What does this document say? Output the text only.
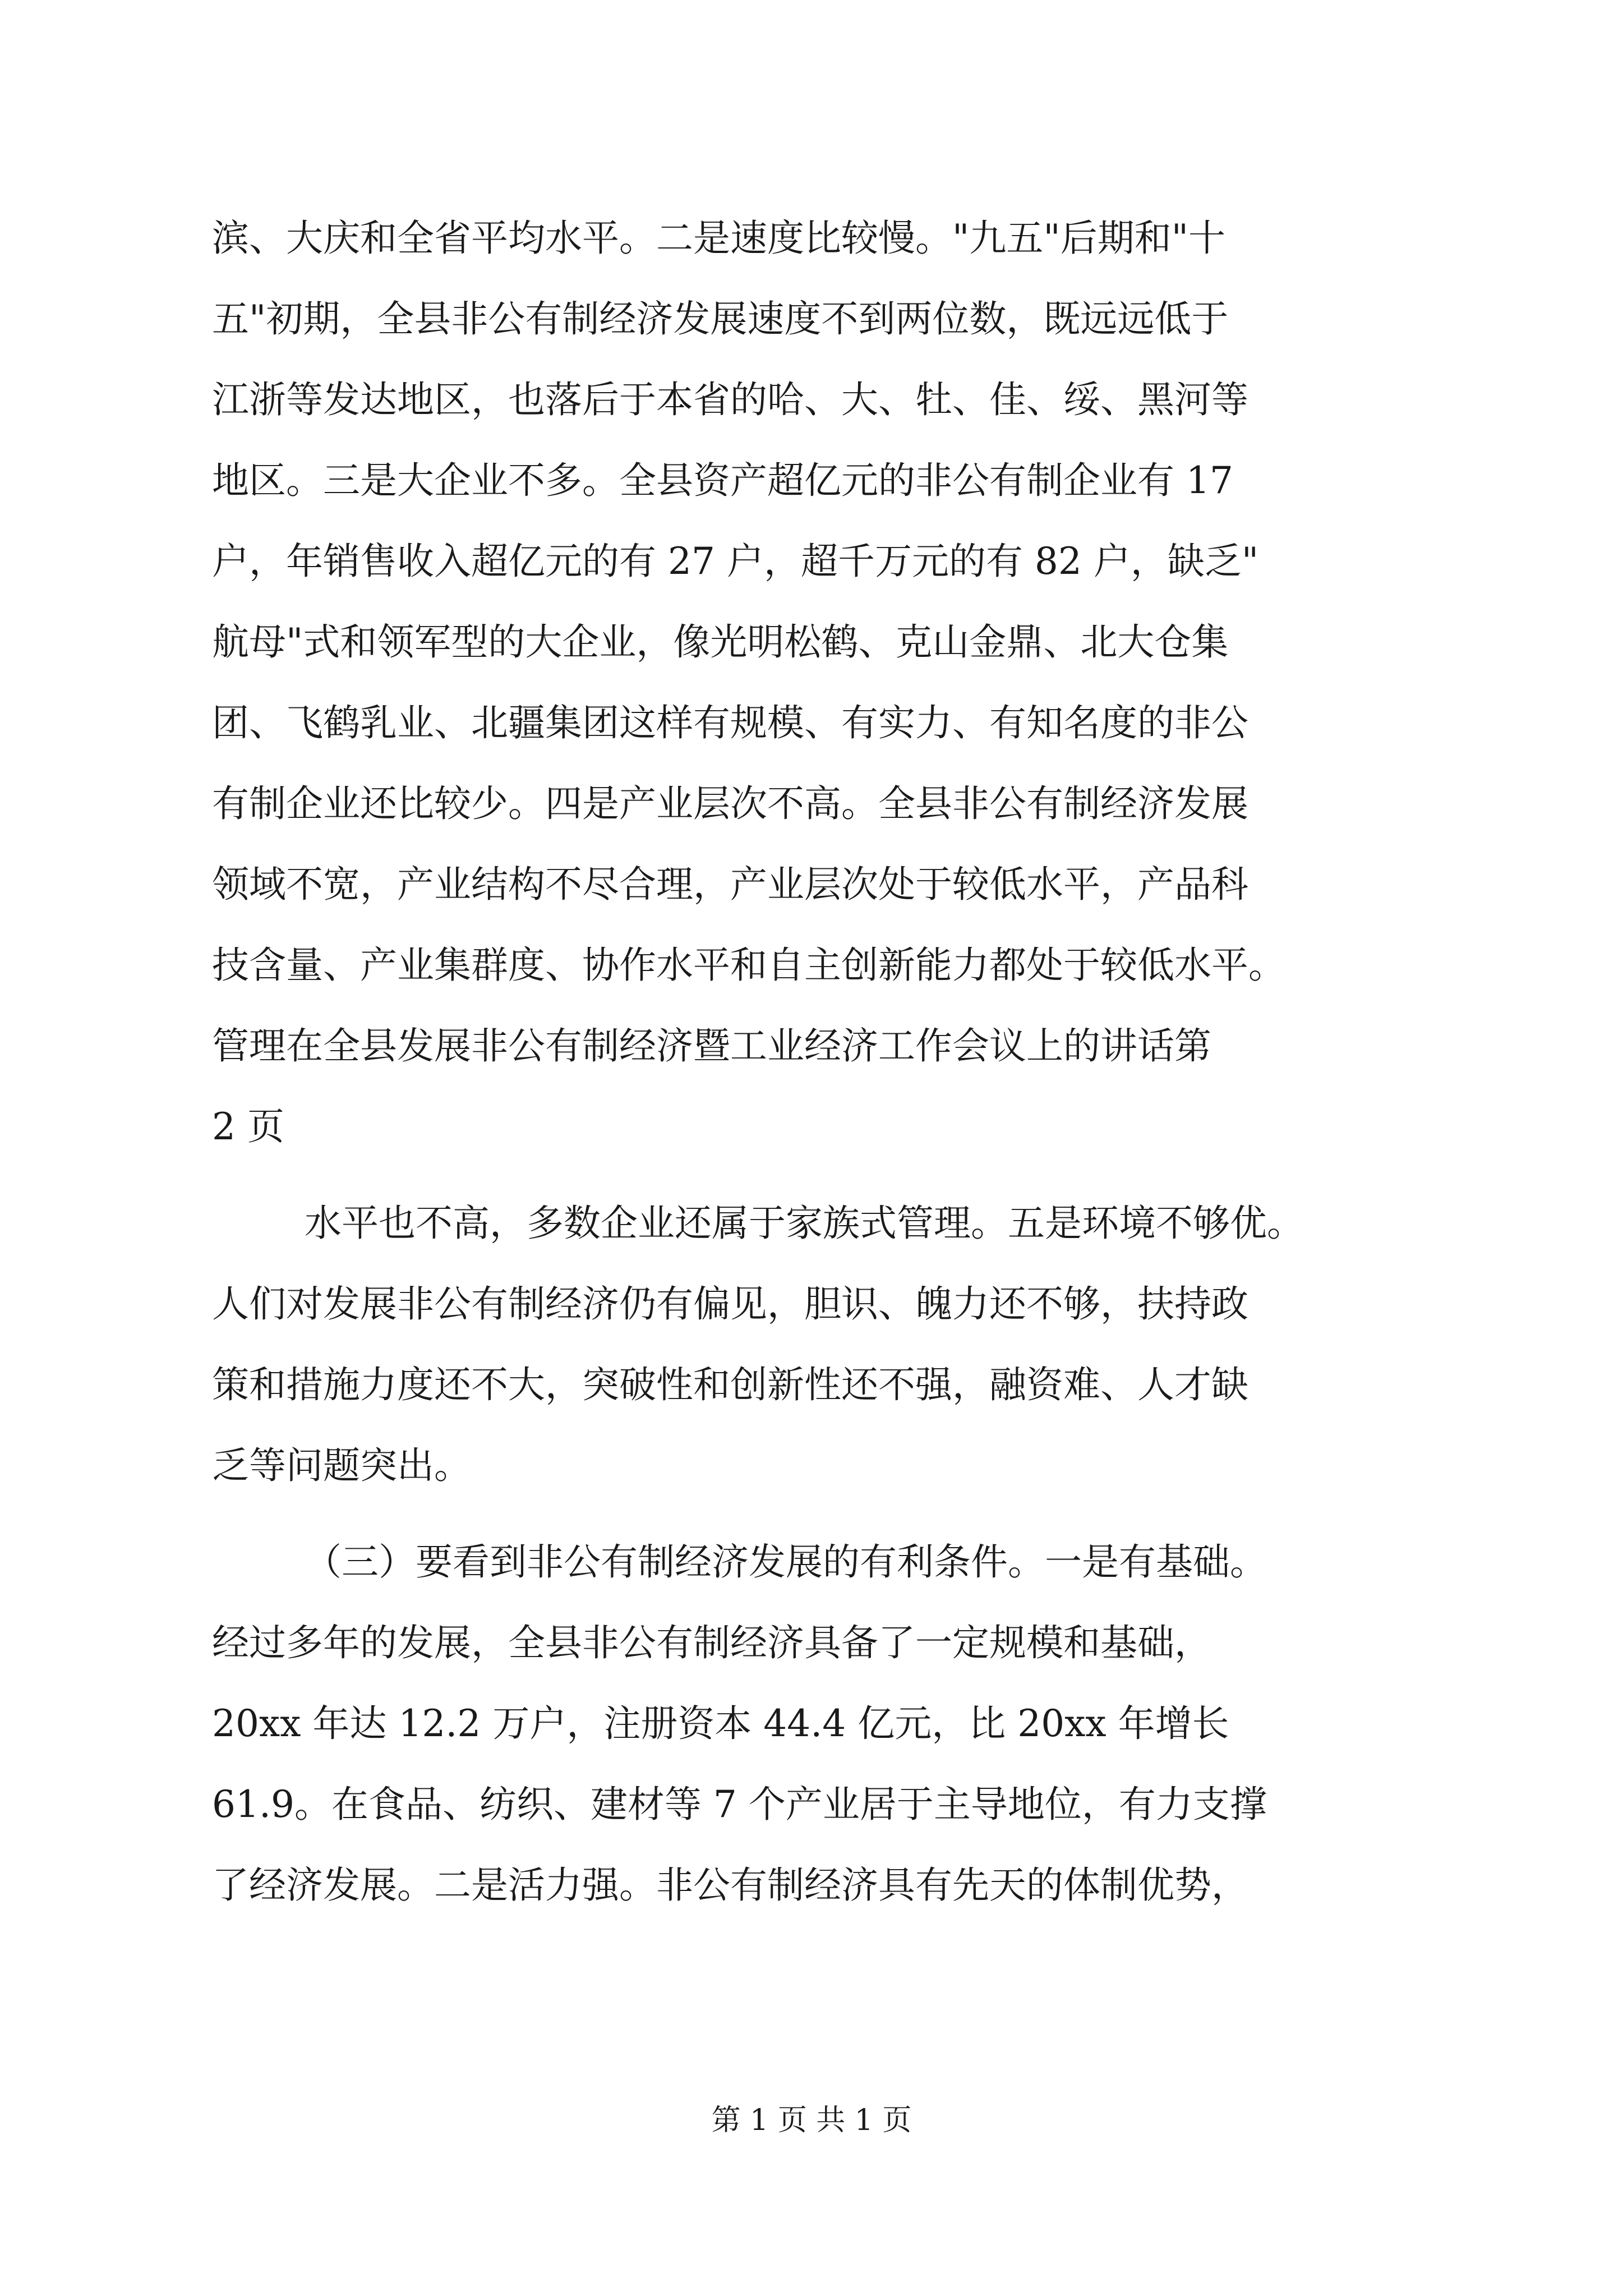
滨、大庆和全省平均水平。二是速度比较慢。"九五"后期和"十
五"初期，全县非公有制经济发展速度不到两位数，既远远低于
江浙等发达地区，也落后于本省的哈、大、牡、佳、绥、黑河等
地区。三是大企业不多。全县资产超亿元的非公有制企业有 17
户，年销售收入超亿元的有 27 户，超千万元的有 82 户，缺乏"
航母"式和领军型的大企业，像光明松鹤、克山金鼎、北大仓集
团、飞鹤乳业、北疆集团这样有规模、有实力、有知名度的非公
有制企业还比较少。四是产业层次不高。全县非公有制经济发展
领域不宽，产业结构不尽合理，产业层次处于较低水平，产品科
技含量、产业集群度、协作水平和自主创新能力都处于较低水平。
管理在全县发展非公有制经济暨工业经济工作会议上的讲话第
2 页
水平也不高，多数企业还属于家族式管理。五是环境不够优。
人们对发展非公有制经济仍有偏见，胆识、魄力还不够，扶持政
策和措施力度还不大，突破性和创新性还不强，融资难、人才缺
乏等问题突出。
（三）要看到非公有制经济发展的有利条件。一是有基础。
经过多年的发展，全县非公有制经济具备了一定规模和基础，
20xx 年达 12.2 万户，注册资本 44.4 亿元，比 20xx 年增长
61.9。在食品、纺织、建材等 7 个产业居于主导地位，有力支撑
了经济发展。二是活力强。非公有制经济具有先天的体制优势，
第 1 页 共 1 页
